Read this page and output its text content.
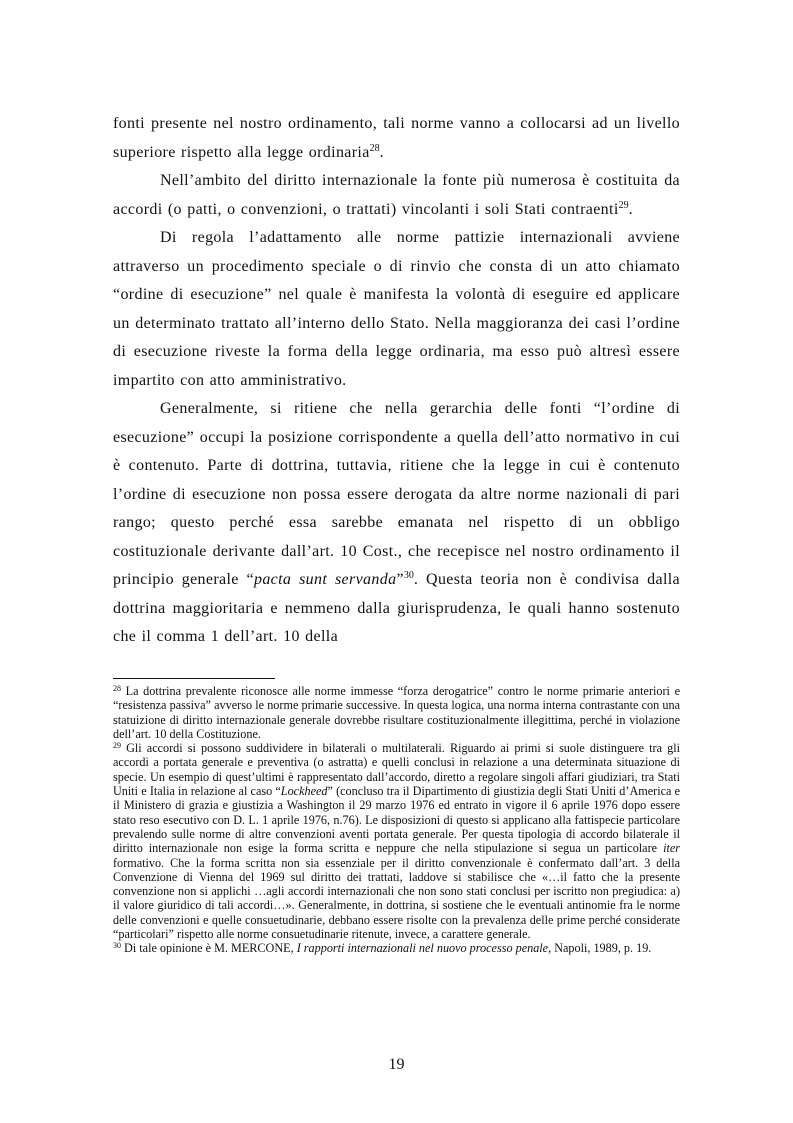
fonti presente nel nostro ordinamento, tali norme vanno a collocarsi ad un livello superiore rispetto alla legge ordinaria$^{28}$.

Nell’ambito del diritto internazionale la fonte più numerosa è costituita da accordi (o patti, o convenzioni, o trattati) vincolanti i soli Stati contraenti$^{29}$.

Di regola l’adattamento alle norme pattizie internazionali avviene attraverso un procedimento speciale o di rinvio che consta di un atto chiamato “ordine di esecuzione” nel quale è manifesta la volontà di eseguire ed applicare un determinato trattato all’interno dello Stato. Nella maggioranza dei casi l’ordine di esecuzione riveste la forma della legge ordinaria, ma esso può altresì essere impartito con atto amministrativo.

Generalmente, si ritiene che nella gerarchia delle fonti “l’ordine di esecuzione” occupi la posizione corrispondente a quella dell’atto normativo in cui è contenuto. Parte di dottrina, tuttavia, ritiene che la legge in cui è contenuto l’ordine di esecuzione non possa essere derogata da altre norme nazionali di pari rango; questo perché essa sarebbe emanata nel rispetto di un obbligo costituzionale derivante dall’art. 10 Cost., che recepisce nel nostro ordinamento il principio generale “pacta sunt servanda”$^{30}$. Questa teoria non è condivisa dalla dottrina maggioritaria e nemmeno dalla giurisprudenza, le quali hanno sostenuto che il comma 1 dell’art. 10 della

$^{28}$ La dottrina prevalente riconosce alle norme immesse “forza derogatrice” contro le norme primarie anteriori e “resistenza passiva” avverso le norme primarie successive. In questa logica, una norma interna contrastante con una statuizione di diritto internazionale generale dovrebbe risultare costituzionalmente illegittima, perché in violazione dell’art. 10 della Costituzione.

$^{29}$ Gli accordi si possono suddividere in bilaterali o multilaterali. Riguardo ai primi si suole distinguere tra gli accordi a portata generale e preventiva (o astratta) e quelli conclusi in relazione a una determinata situazione di specie. Un esempio di quest’ultimi è rappresentato dall’accordo, diretto a regolare singoli affari giudiziari, tra Stati Uniti e Italia in relazione al caso “Lockheed” (concluso tra il Dipartimento di giustizia degli Stati Uniti d’America e il Ministero di grazia e giustizia a Washington il 29 marzo 1976 ed entrato in vigore il 6 aprile 1976 dopo essere stato reso esecutivo con D. L. 1 aprile 1976, n.76). Le disposizioni di questo si applicano alla fattispecie particolare prevalendo sulle norme di altre convenzioni aventi portata generale. Per questa tipologia di accordo bilaterale il diritto internazionale non esige la forma scritta e neppure che nella stipulazione si segua un particolare iter formativo. Che la forma scritta non sia essenziale per il diritto convenzionale è confermato dall’art. 3 della Convenzione di Vienna del 1969 sul diritto dei trattati, laddove si stabilisce che «…il fatto che la presente convenzione non si applichi …agli accordi internazionali che non sono stati conclusi per iscritto non pregiudica: a) il valore giuridico di tali accordi…». Generalmente, in dottrina, si sostiene che le eventuali antinomie fra le norme delle convenzioni e quelle consuetudinarie, debbano essere risolte con la prevalenza delle prime perché considerate “particolari” rispetto alle norme consuetudinarie ritenute, invece, a carattere generale.

$^{30}$ Di tale opinione è M. MERCONE, I rapporti internazionali nel nuovo processo penale, Napoli, 1989, p. 19.

19
